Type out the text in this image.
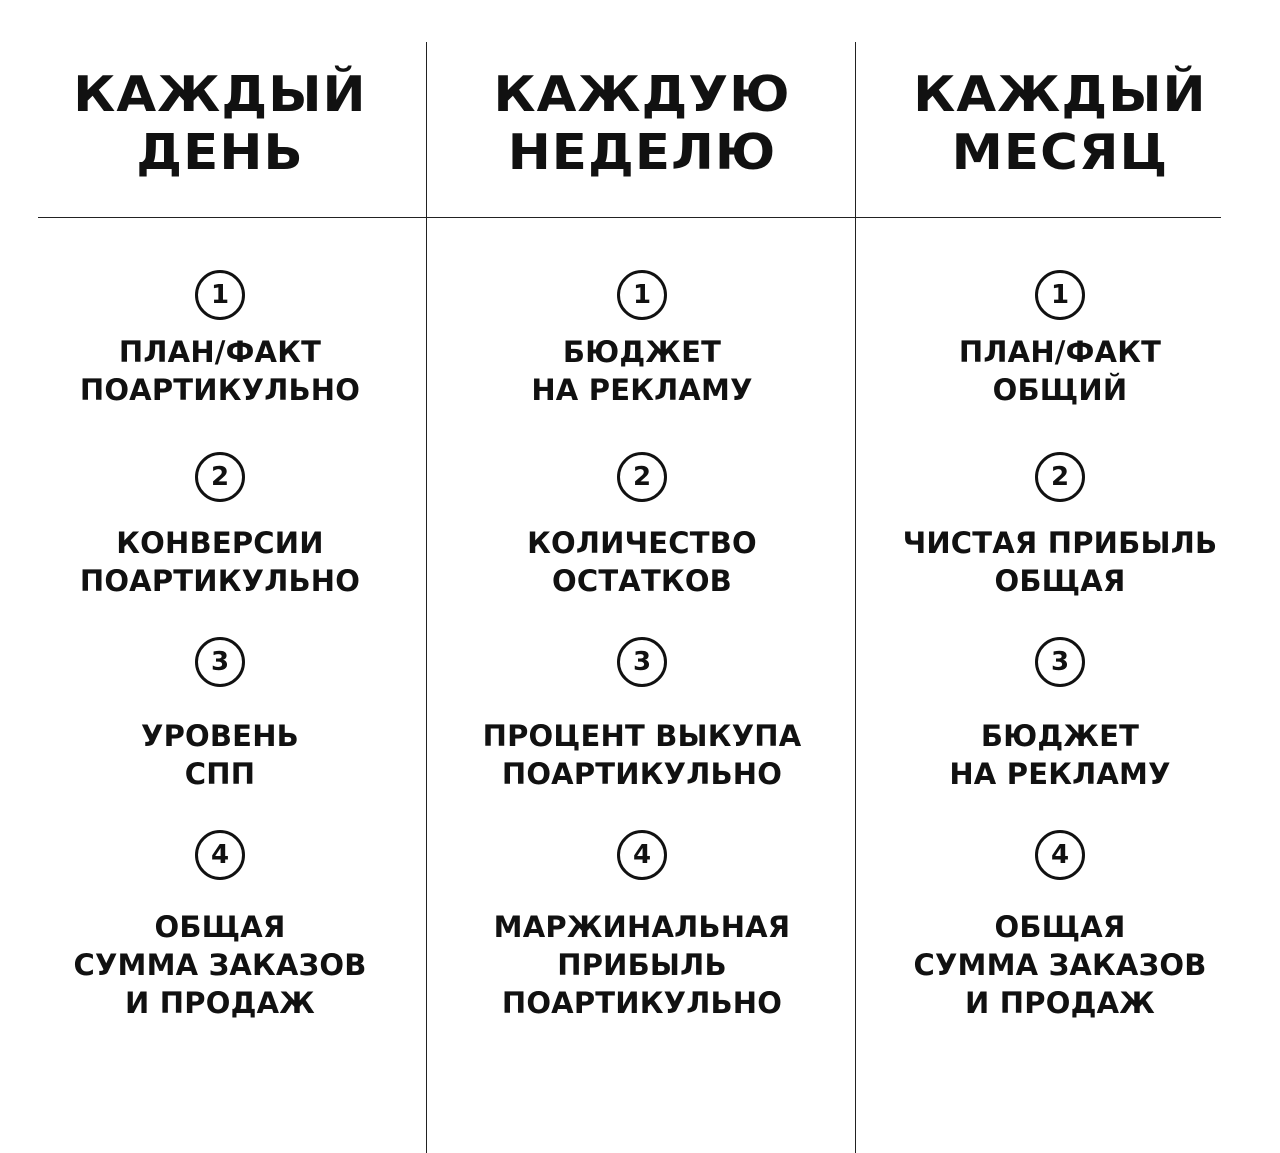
КАЖДЫЙ
ДЕНЬ
1
ПЛАН/ФАКТ
ПОАРТИКУЛЬНО
2
КОНВЕРСИИ
ПОАРТИКУЛЬНО
3
УРОВЕНЬ
СПП
4
ОБЩАЯ
СУММА ЗАКАЗОВ
И ПРОДАЖ
КАЖДУЮ
НЕДЕЛЮ
1
БЮДЖЕТ
НА РЕКЛАМУ
2
КОЛИЧЕСТВО
ОСТАТКОВ
3
ПРОЦЕНТ ВЫКУПА
ПОАРТИКУЛЬНО
4
МАРЖИНАЛЬНАЯ
ПРИБЫЛЬ
ПОАРТИКУЛЬНО
КАЖДЫЙ
МЕСЯЦ
1
ПЛАН/ФАКТ
ОБЩИЙ
2
ЧИСТАЯ ПРИБЫЛЬ
ОБЩАЯ
3
БЮДЖЕТ
НА РЕКЛАМУ
4
ОБЩАЯ
СУММА ЗАКАЗОВ
И ПРОДАЖ
